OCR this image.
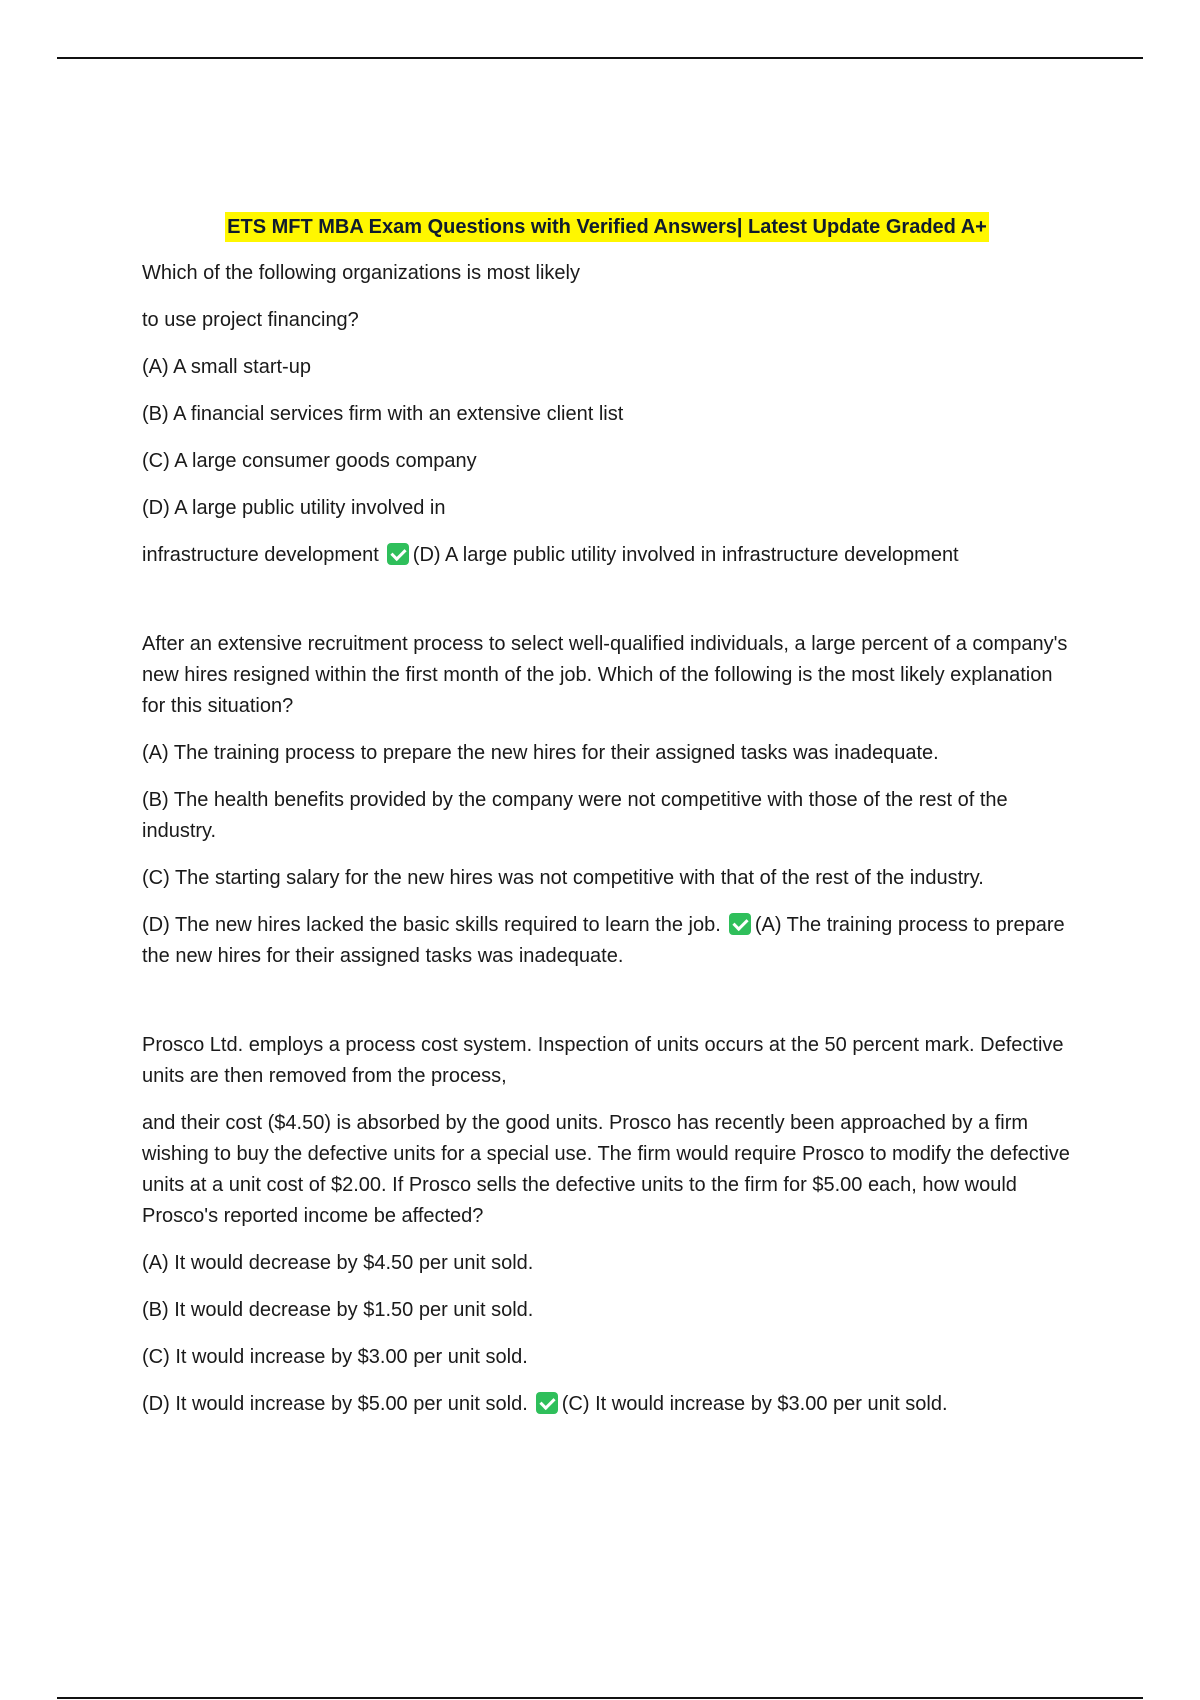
ETS MFT MBA Exam Questions with Verified Answers| Latest Update Graded A+

Which of the following organizations is most likely

to use project financing?

(A) A small start-up

(B) A financial services firm with an extensive client list

(C) A large consumer goods company

(D) A large public utility involved in

infrastructure development (D) A large public utility involved in infrastructure development

After an extensive recruitment process to select well-qualified individuals, a large percent of a company's new hires resigned within the first month of the job. Which of the following is the most likely explanation for this situation?

(A) The training process to prepare the new hires for their assigned tasks was inadequate.

(B) The health benefits provided by the company were not competitive with those of the rest of the industry.

(C) The starting salary for the new hires was not competitive with that of the rest of the industry.

(D) The new hires lacked the basic skills required to learn the job. (A) The training process to prepare the new hires for their assigned tasks was inadequate.

Prosco Ltd. employs a process cost system. Inspection of units occurs at the 50 percent mark. Defective units are then removed from the process,

and their cost ($4.50) is absorbed by the good units. Prosco has recently been approached by a firm wishing to buy the defective units for a special use. The firm would require Prosco to modify the defective units at a unit cost of $2.00. If Prosco sells the defective units to the firm for $5.00 each, how would Prosco's reported income be affected?

(A) It would decrease by $4.50 per unit sold.

(B) It would decrease by $1.50 per unit sold.

(C) It would increase by $3.00 per unit sold.

(D) It would increase by $5.00 per unit sold. (C) It would increase by $3.00 per unit sold.
